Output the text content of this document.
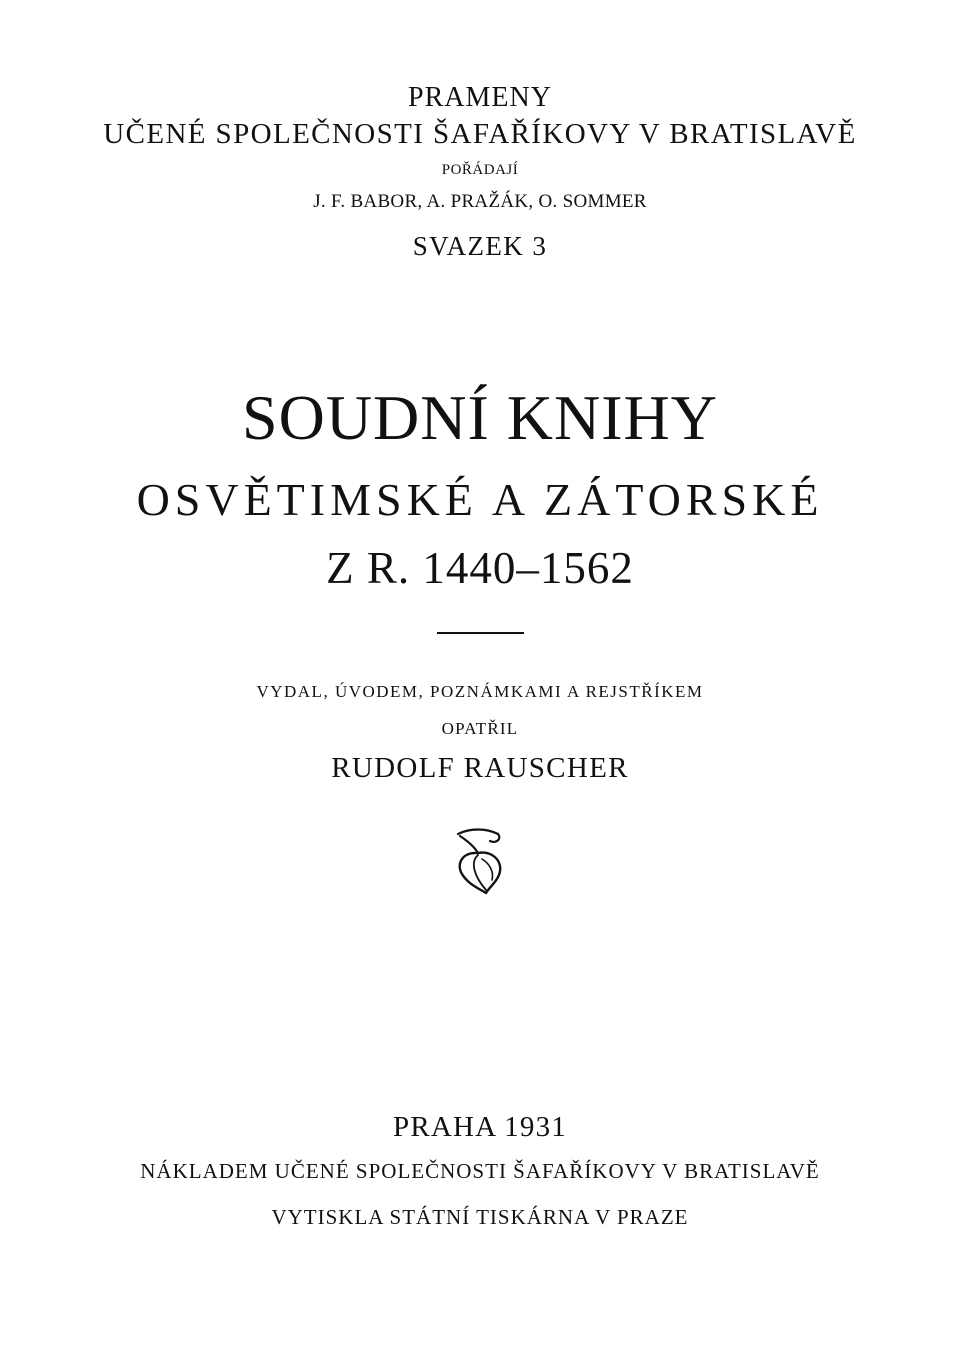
PRAMENY
UČENÉ SPOLEČNOSTI ŠAFAŘÍKOVY V BRATISLAVĚ
POŘÁDAJÍ
J. F. BABOR, A. PRAŽÁK, O. SOMMER
SVAZEK 3
SOUDNÍ KNIHY
OSVĚTIMSKÉ A ZÁTORSKÉ
Z R. 1440–1562
VYDAL, ÚVODEM, POZNÁMKAMI A REJSTŘÍKEM
OPATŘIL
RUDOLF RAUSCHER
PRAHA 1931
NÁKLADEM UČENÉ SPOLEČNOSTI ŠAFAŘÍKOVY V BRATISLAVĚ
VYTISKLA STÁTNÍ TISKÁRNA V PRAZE
